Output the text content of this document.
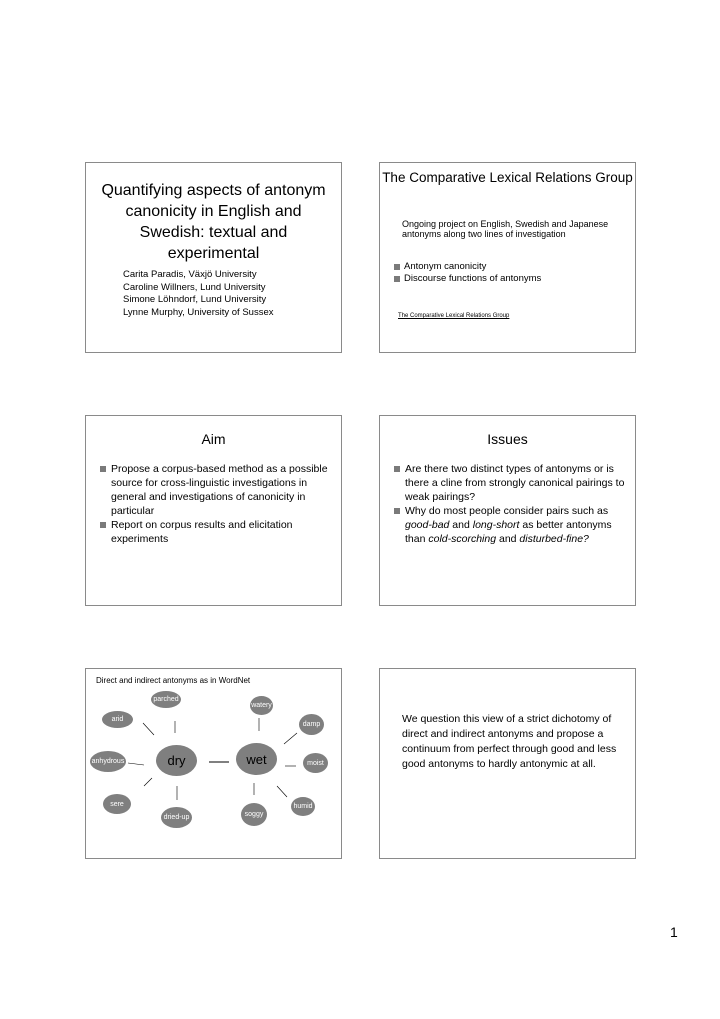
Quantifying aspects of antonym canonicity in English and Swedish: textual and experimental
Carita Paradis, Växjö University
Caroline Willners, Lund University
Simone Löhndorf, Lund University
Lynne Murphy, University of Sussex
The Comparative Lexical Relations Group
Ongoing project on English, Swedish and Japanese antonyms along two lines of investigation
Antonym canonicity
Discourse functions of antonyms
The Comparative Lexical Relations Group
Aim
Propose a corpus-based method as a possible source for cross-linguistic investigations in general and investigations of canonicity in particular
Report on corpus results and elicitation experiments
Issues
Are there two distinct types of antonyms or is there a cline from strongly canonical pairings to weak pairings?
Why do most people consider pairs such as good-bad and long-short as better antonyms than cold-scorching and disturbed-fine?
Direct and indirect antonyms as in WordNet
parched
watery
arid
damp
anhydrous	dry	wet	moist
sere	humid
dried-up	soggy
We question this view of a strict dichotomy of direct and indirect antonyms and propose a continuum from perfect through good and less good antonyms to hardly antonymic at all.
1
